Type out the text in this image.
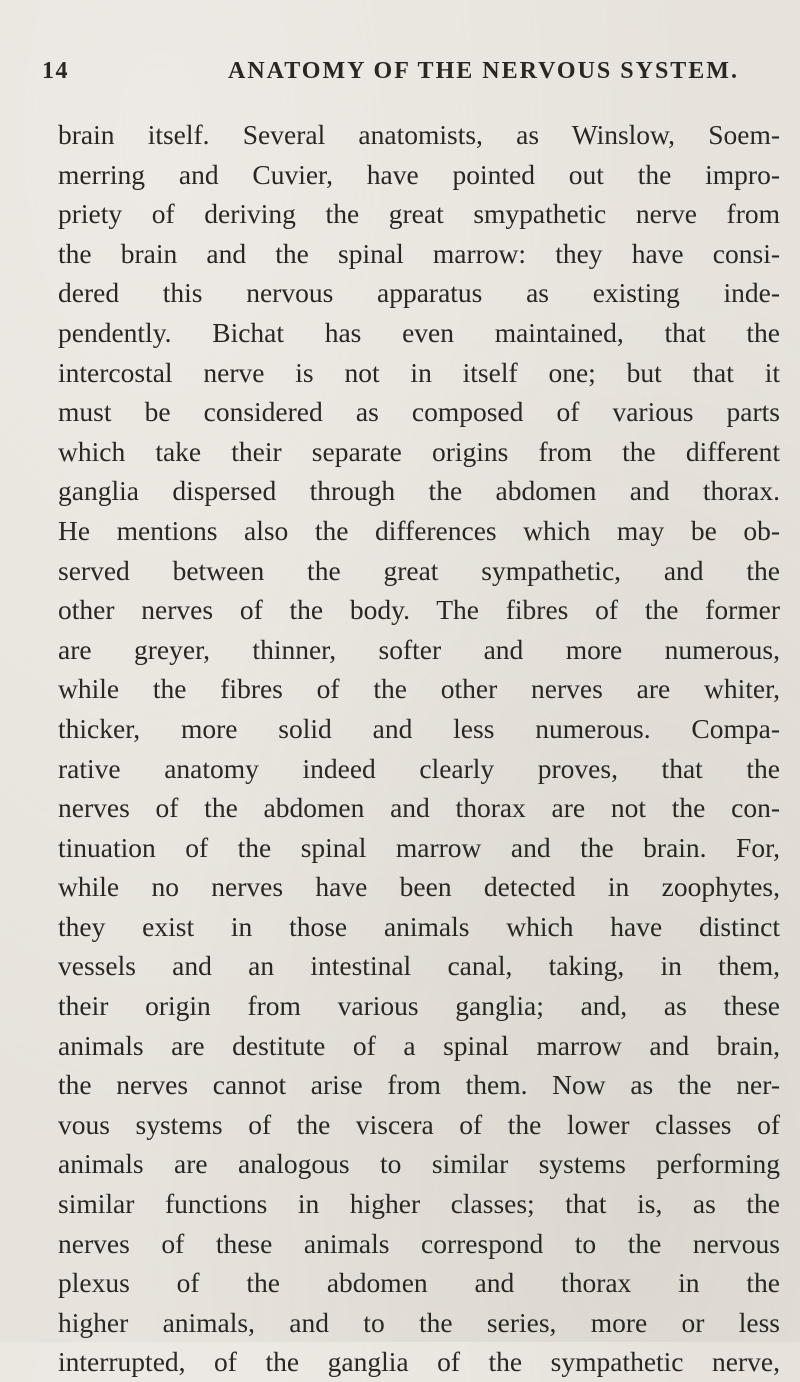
14	ANATOMY OF THE NERVOUS SYSTEM.
brain itself. Several anatomists, as Winslow, Soem-
merring and Cuvier, have pointed out the impro-
priety of deriving the great smypathetic nerve from
the brain and the spinal marrow: they have consi-
dered this nervous apparatus as existing inde-
pendently. Bichat has even maintained, that the
intercostal nerve is not in itself one; but that it
must be considered as composed of various parts
which take their separate origins from the different
ganglia dispersed through the abdomen and thorax.
He mentions also the differences which may be ob-
served between the great sympathetic, and the
other nerves of the body. The fibres of the former
are greyer, thinner, softer and more numerous,
while the fibres of the other nerves are whiter,
thicker, more solid and less numerous. Compa-
rative anatomy indeed clearly proves, that the
nerves of the abdomen and thorax are not the con-
tinuation of the spinal marrow and the brain. For,
while no nerves have been detected in zoophytes,
they exist in those animals which have distinct
vessels and an intestinal canal, taking, in them,
their origin from various ganglia; and, as these
animals are destitute of a spinal marrow and brain,
the nerves cannot arise from them. Now as the ner-
vous systems of the viscera of the lower classes of
animals are analogous to similar systems performing
similar functions in higher classes; that is, as the
nerves of these animals correspond to the nervous
plexus of the abdomen and thorax in the
higher animals, and to the series, more or less
interrupted, of the ganglia of the sympathetic nerve,
